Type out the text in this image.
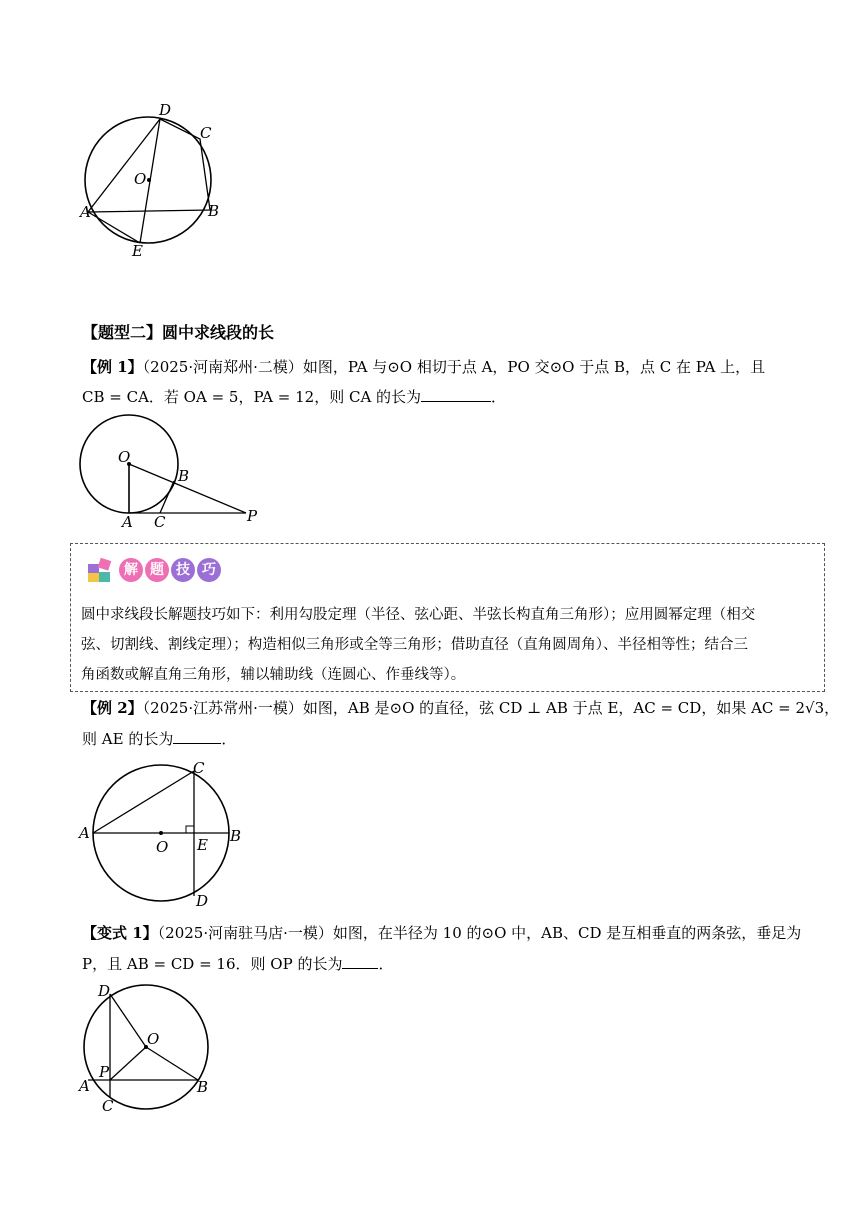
D
C
O
A	B
E
【题型二】圆中求线段的长
【例 1】（2025·河南郑州·二模）如图，PA 与⊙O 相切于点 A，PO 交⊙O 于点 B，点 C 在 PA 上，且
CB = CA．若 OA = 5，PA = 12，则 CA 的长为	．
O
B
A C	P
解 题 技 巧
圆中求线段长解题技巧如下：利用勾股定理（半径、弦心距、半弦长构直角三角形）；应用圆幂定理（相交
弦、切割线、割线定理）；构造相似三角形或全等三角形；借助直径（直角圆周角）、半径相等性；结合三
角函数或解直角三角形，辅以辅助线（连圆心、作垂线等）。
【例 2】（2025·江苏常州·一模）如图，AB 是⊙O 的直径，弦 CD ⊥ AB 于点 E，AC = CD，如果 AC = 2√3，
则 AE 的长为	．
C
A
O E B
D
【变式 1】（2025·河南驻马店·一模）如图，在半径为 10 的⊙O 中，AB、CD 是互相垂直的两条弦，垂足为
P，且 AB = CD = 16．则 OP 的长为 ．
D
O
P
A	B
C
